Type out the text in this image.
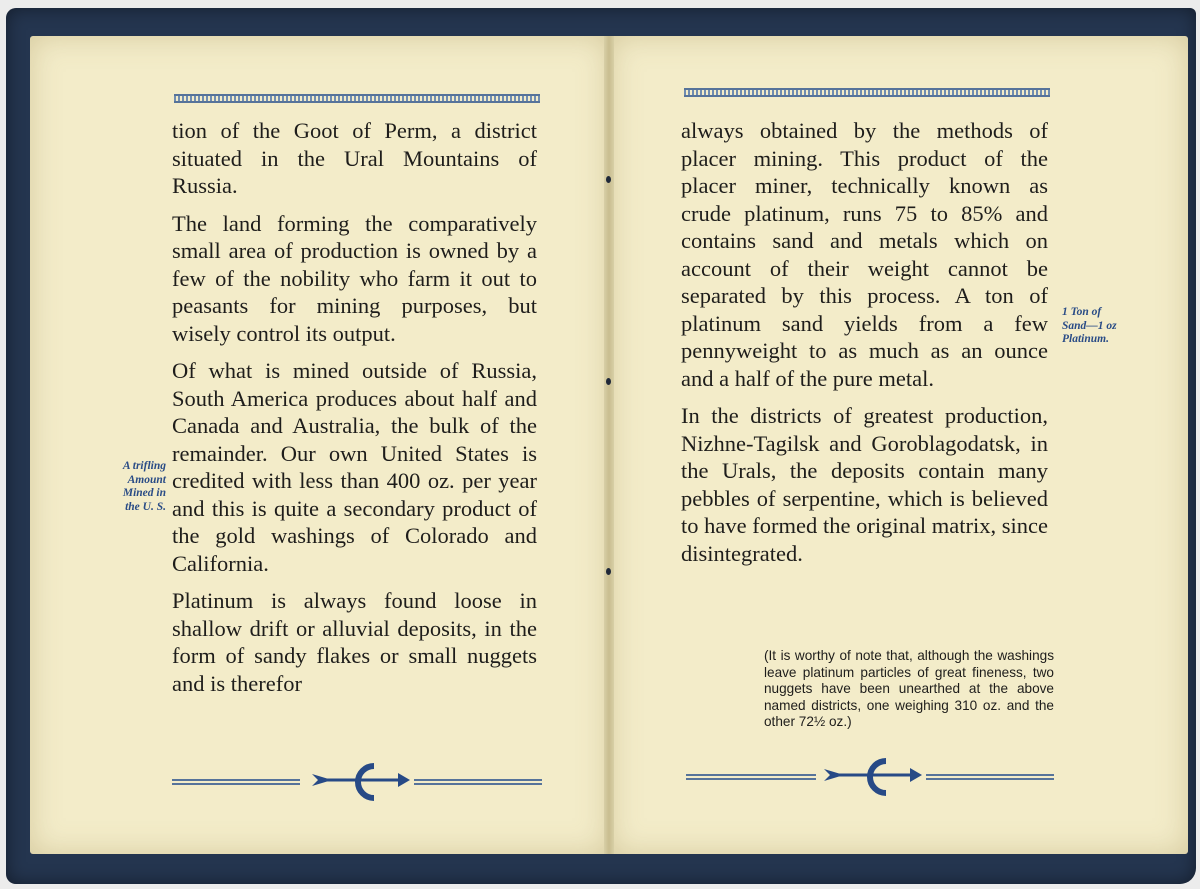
tion of the Goot of Perm, a district situated in the Ural Mountains of Russia.

The land forming the comparatively small area of production is owned by a few of the nobility who farm it out to peasants for mining purposes, but wisely control its output.

Of what is mined outside of Russia, South America produces about half and Canada and Australia, the bulk of the remainder. Our own United States is credited with less than 400 oz. per year and this is quite a secondary product of the gold washings of Colorado and California.

Platinum is always found loose in shallow drift or alluvial deposits, in the form of sandy flakes or small nuggets and is therefor

A trifling
Amount
Mined in
the U. S.

always obtained by the methods of placer mining. This product of the placer miner, technically known as crude platinum, runs 75 to 85% and contains sand and metals which on account of their weight cannot be separated by this process. A ton of platinum sand yields from a few pennyweight to as much as an ounce and a half of the pure metal.

In the districts of greatest production, Nizhne-Tagilsk and Goroblagodatsk, in the Urals, the deposits contain many pebbles of serpentine, which is believed to have formed the original matrix, since disintegrated.

(It is worthy of note that, although the washings leave platinum particles of great fineness, two nuggets have been unearthed at the above named districts, one weighing 310 oz. and the other 72½ oz.)

1 Ton of
Sand—1 oz
Platinum.
